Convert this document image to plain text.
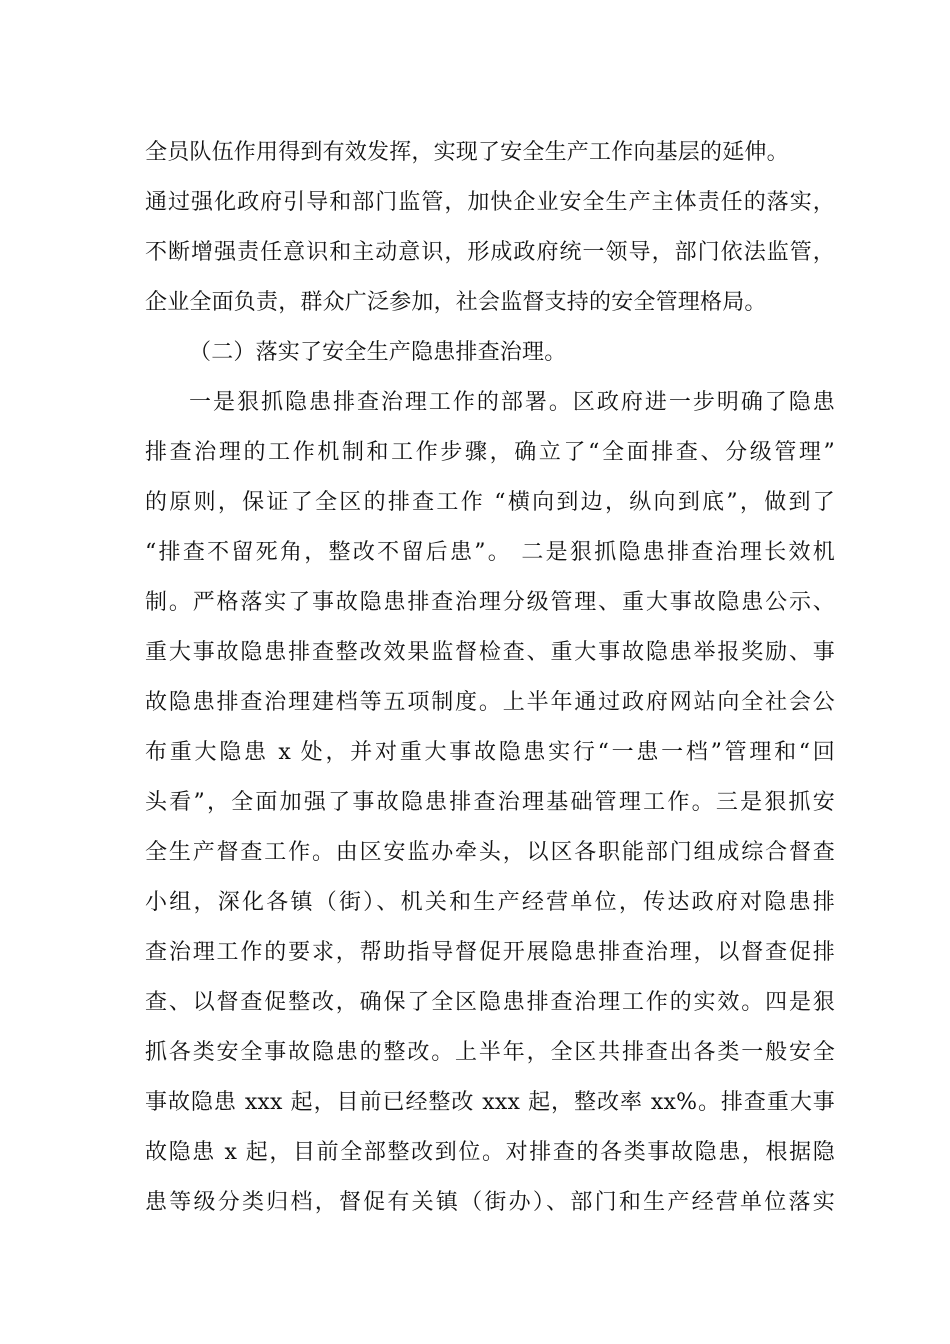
全员队伍作用得到有效发挥，实现了安全生产工作向基层的延伸。
通过强化政府引导和部门监管，加快企业安全生产主体责任的落实，
不断增强责任意识和主动意识，形成政府统一领导，部门依法监管，
企业全面负责，群众广泛参加，社会监督支持的安全管理格局。
（二）落实了安全生产隐患排查治理。
一是狠抓隐患排查治理工作的部署。区政府进一步明确了隐患
排查治理的工作机制和工作步骤，确立了“全面排查、分级管理”
的原则，保证了全区的排查工作 “横向到边，纵向到底”，做到了
“排查不留死角，整改不留后患”。 二是狠抓隐患排查治理长效机
制。严格落实了事故隐患排查治理分级管理、重大事故隐患公示、
重大事故隐患排查整改效果监督检查、重大事故隐患举报奖励、事
故隐患排查治理建档等五项制度。上半年通过政府网站向全社会公
布重大隐患 x 处，并对重大事故隐患实行“一患一档”管理和“回
头看”，全面加强了事故隐患排查治理基础管理工作。三是狠抓安
全生产督查工作。由区安监办牵头，以区各职能部门组成综合督查
小组，深化各镇（街）、机关和生产经营单位，传达政府对隐患排
查治理工作的要求，帮助指导督促开展隐患排查治理，以督查促排
查、以督查促整改，确保了全区隐患排查治理工作的实效。四是狠
抓各类安全事故隐患的整改。上半年，全区共排查出各类一般安全
事故隐患 xxx 起，目前已经整改 xxx 起，整改率 xx%。排查重大事
故隐患 x 起，目前全部整改到位。对排查的各类事故隐患，根据隐
患等级分类归档，督促有关镇（街办）、部门和生产经营单位落实
